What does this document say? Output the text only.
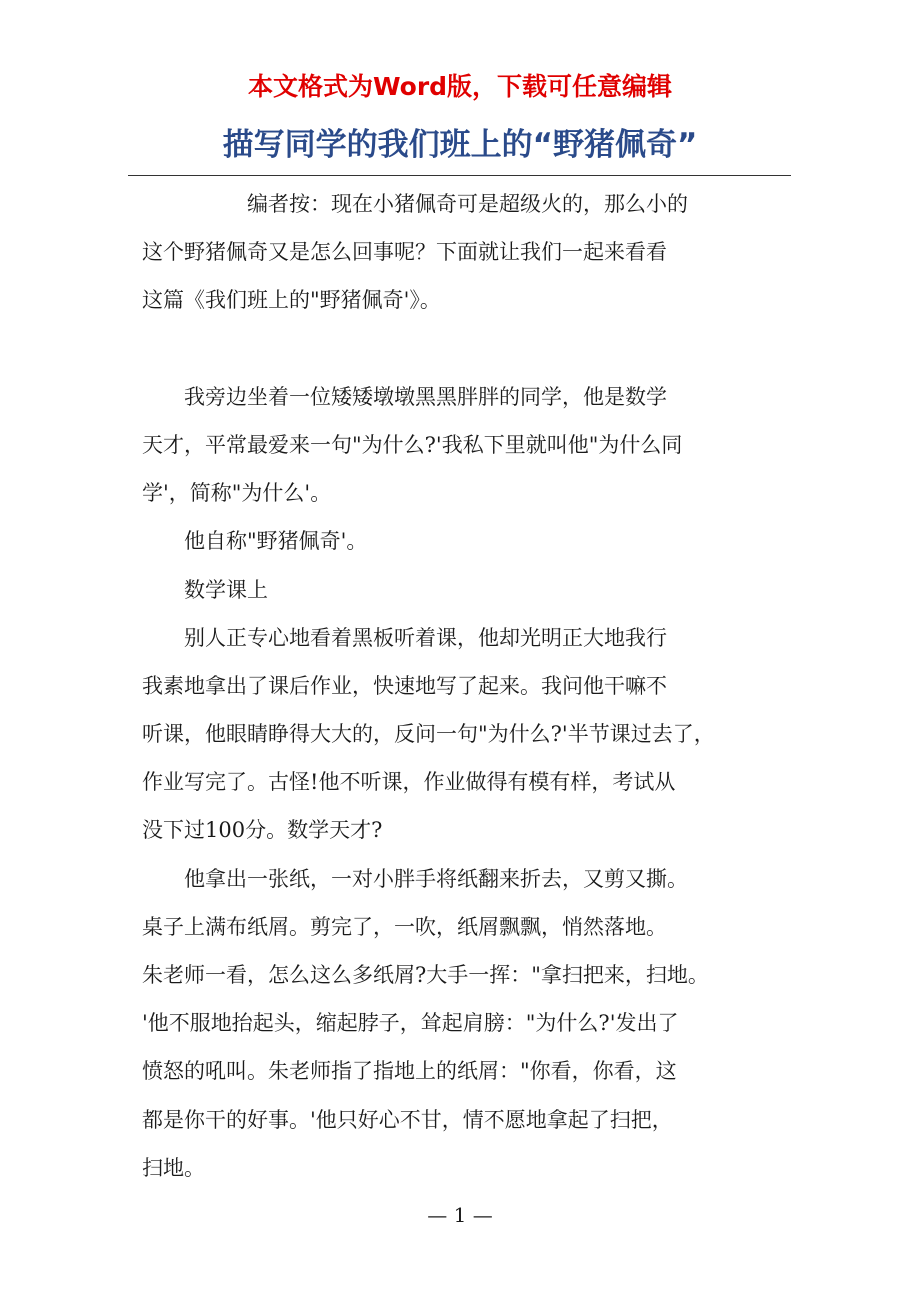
本文格式为Word版，下载可任意编辑
描写同学的我们班上的“野猪佩奇”
　　　　　编者按：现在小猪佩奇可是超级火的，那么小的
这个野猪佩奇又是怎么回事呢？下面就让我们一起来看看
这篇《我们班上的"野猪佩奇'》。
　　我旁边坐着一位矮矮墩墩黑黑胖胖的同学，他是数学
天才，平常最爱来一句"为什么?'我私下里就叫他"为什么同
学'，简称"为什么'。
　　他自称"野猪佩奇'。
　　数学课上
　　别人正专心地看着黑板听着课，他却光明正大地我行
我素地拿出了课后作业，快速地写了起来。我问他干嘛不
听课，他眼睛睁得大大的，反问一句"为什么?'半节课过去了，
作业写完了。古怪!他不听课，作业做得有模有样，考试从
没下过100分。数学天才?
　　他拿出一张纸，一对小胖手将纸翻来折去，又剪又撕。
桌子上满布纸屑。剪完了，一吹，纸屑飘飘，悄然落地。
朱老师一看，怎么这么多纸屑?大手一挥："拿扫把来，扫地。
'他不服地抬起头，缩起脖子，耸起肩膀："为什么?'发出了
愤怒的吼叫。朱老师指了指地上的纸屑："你看，你看，这
都是你干的好事。'他只好心不甘，情不愿地拿起了扫把，
扫地。
— 1 —
